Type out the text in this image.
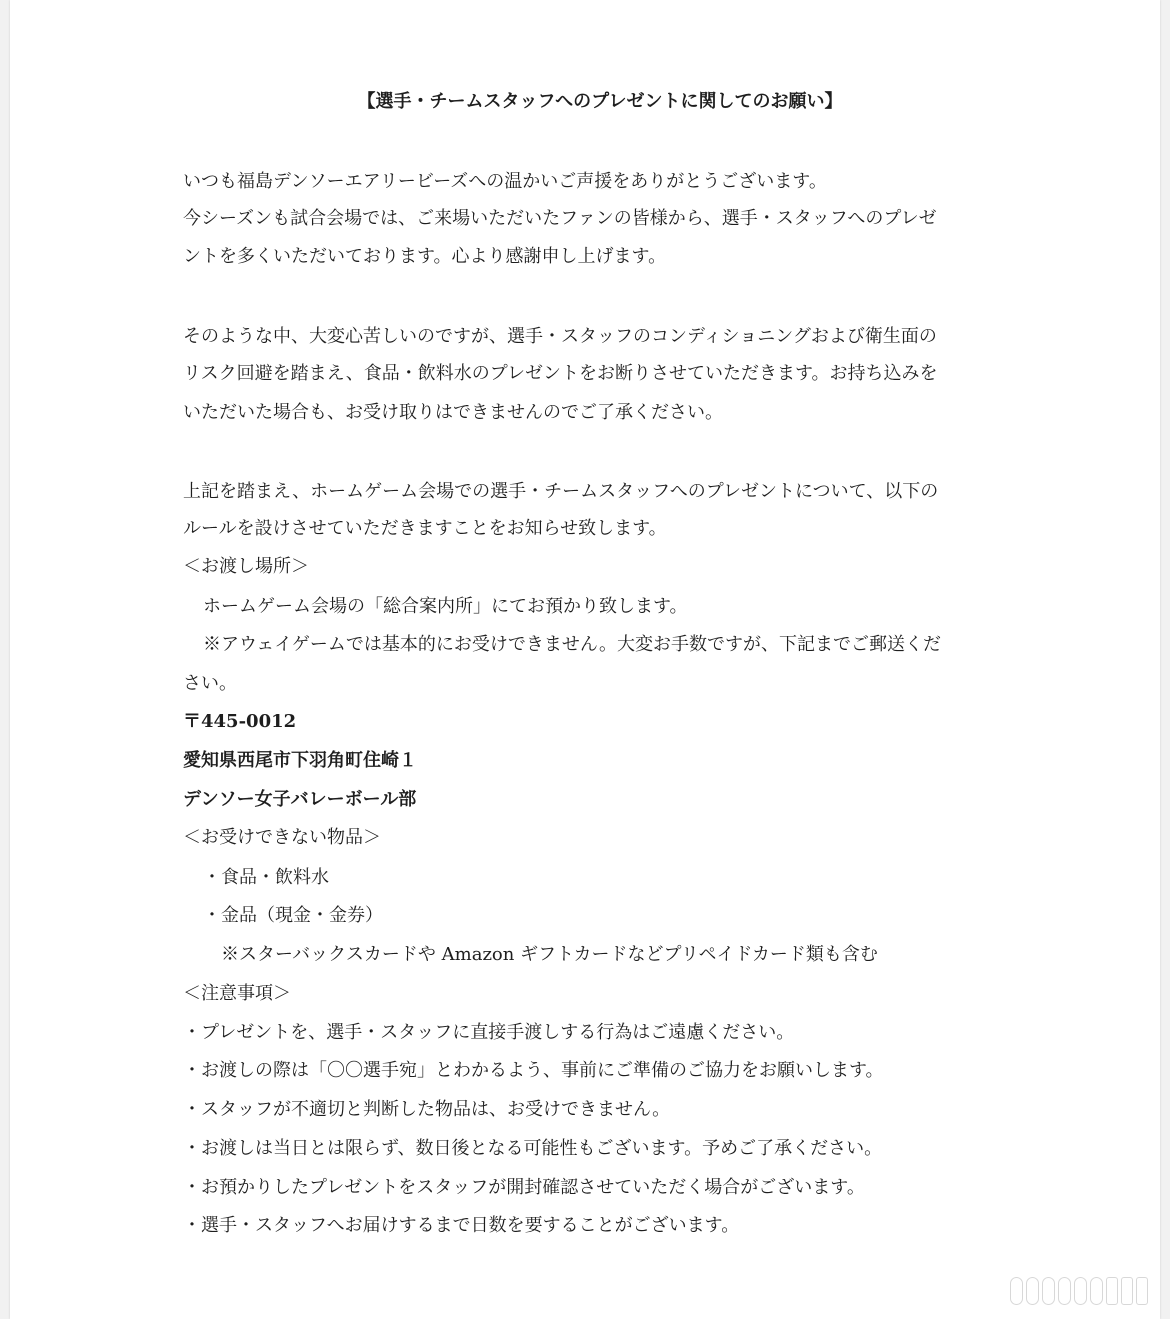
【選手・チームスタッフへのプレゼントに関してのお願い】
いつも福島デンソーエアリービーズへの温かいご声援をありがとうございます。
今シーズンも試合会場では、ご来場いただいたファンの皆様から、選手・スタッフへのプレゼ
ントを多くいただいております。心より感謝申し上げます。
そのような中、大変心苦しいのですが、選手・スタッフのコンディショニングおよび衛生面の
リスク回避を踏まえ、食品・飲料水のプレゼントをお断りさせていただきます。お持ち込みを
いただいた場合も、お受け取りはできませんのでご了承ください。
上記を踏まえ、ホームゲーム会場での選手・チームスタッフへのプレゼントについて、以下の
ルールを設けさせていただきますことをお知らせ致します。
＜お渡し場所＞
ホームゲーム会場の「総合案内所」にてお預かり致します。
※アウェイゲームでは基本的にお受けできません。大変お手数ですが、下記までご郵送くだ
さい。
〒445-0012
愛知県西尾市下羽角町住崎１
デンソー女子バレーボール部
＜お受けできない物品＞
・食品・飲料水
・金品（現金・金券）
※スターバックスカードや Amazon ギフトカードなどプリペイドカード類も含む
＜注意事項＞
・プレゼントを、選手・スタッフに直接手渡しする行為はご遠慮ください。
・お渡しの際は「〇〇選手宛」とわかるよう、事前にご準備のご協力をお願いします。
・スタッフが不適切と判断した物品は、お受けできません。
・お渡しは当日とは限らず、数日後となる可能性もございます。予めご了承ください。
・お預かりしたプレゼントをスタッフが開封確認させていただく場合がございます。
・選手・スタッフへお届けするまで日数を要することがございます。
